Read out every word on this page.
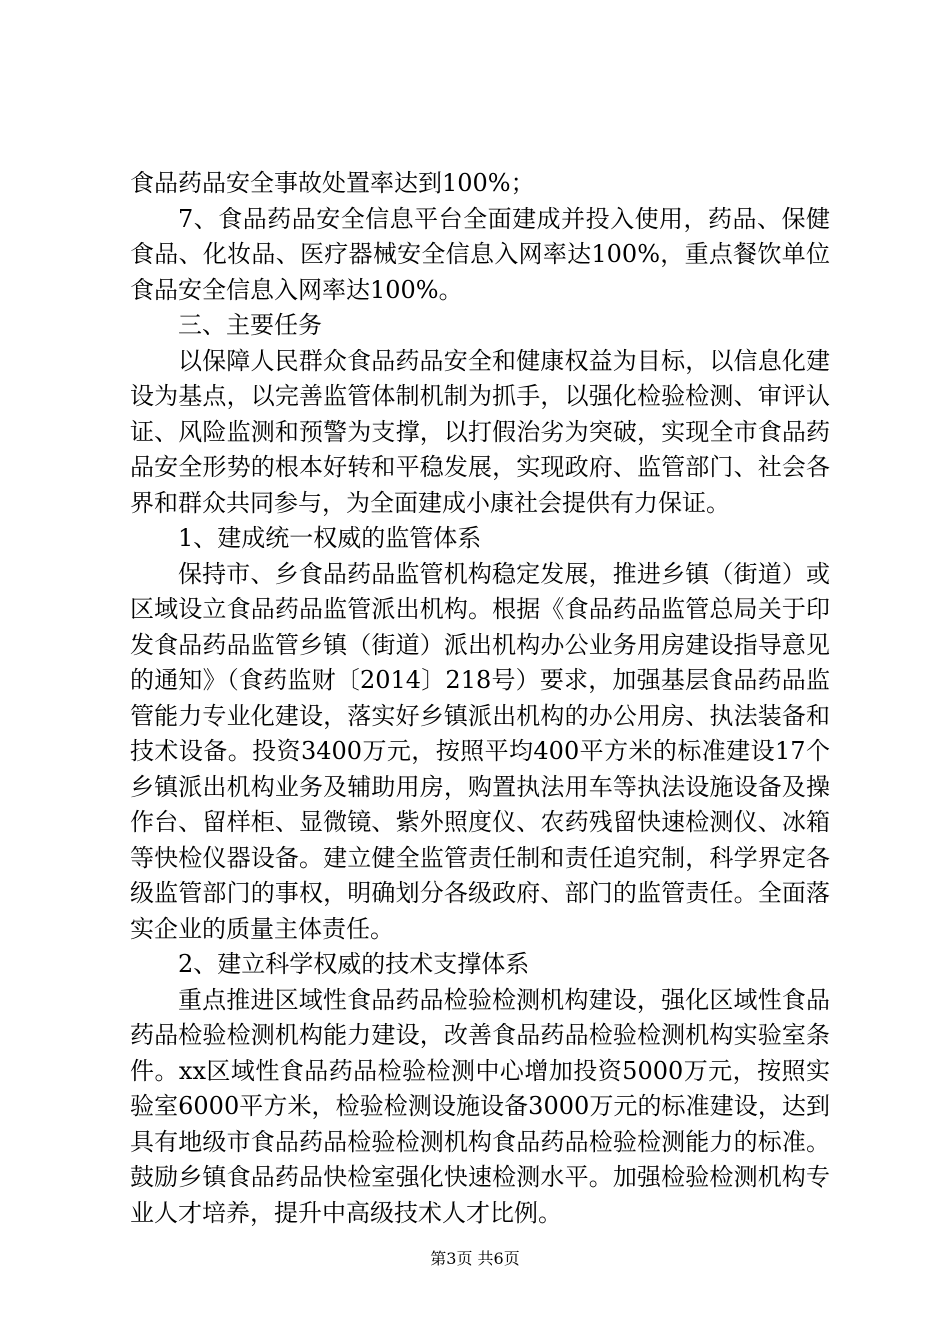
食品药品安全事故处置率达到100%；

7、食品药品安全信息平台全面建成并投入使用，药品、保健食品、化妆品、医疗器械安全信息入网率达100%，重点餐饮单位食品安全信息入网率达100%。

三、主要任务

以保障人民群众食品药品安全和健康权益为目标，以信息化建设为基点，以完善监管体制机制为抓手，以强化检验检测、审评认证、风险监测和预警为支撑，以打假治劣为突破，实现全市食品药品安全形势的根本好转和平稳发展，实现政府、监管部门、社会各界和群众共同参与，为全面建成小康社会提供有力保证。

1、建成统一权威的监管体系

保持市、乡食品药品监管机构稳定发展，推进乡镇（街道）或区域设立食品药品监管派出机构。根据《食品药品监管总局关于印发食品药品监管乡镇（街道）派出机构办公业务用房建设指导意见的通知》（食药监财〔2014〕218号）要求，加强基层食品药品监管能力专业化建设，落实好乡镇派出机构的办公用房、执法装备和技术设备。投资3400万元，按照平均400平方米的标准建设17个乡镇派出机构业务及辅助用房，购置执法用车等执法设施设备及操作台、留样柜、显微镜、紫外照度仪、农药残留快速检测仪、冰箱等快检仪器设备。建立健全监管责任制和责任追究制，科学界定各级监管部门的事权，明确划分各级政府、部门的监管责任。全面落实企业的质量主体责任。

2、建立科学权威的技术支撑体系

重点推进区域性食品药品检验检测机构建设，强化区域性食品药品检验检测机构能力建设，改善食品药品检验检测机构实验室条件。xx区域性食品药品检验检测中心增加投资5000万元，按照实验室6000平方米，检验检测设施设备3000万元的标准建设，达到具有地级市食品药品检验检测机构食品药品检验检测能力的标准。鼓励乡镇食品药品快检室强化快速检测水平。加强检验检测机构专业人才培养，提升中高级技术人才比例。

第3页 共6页
